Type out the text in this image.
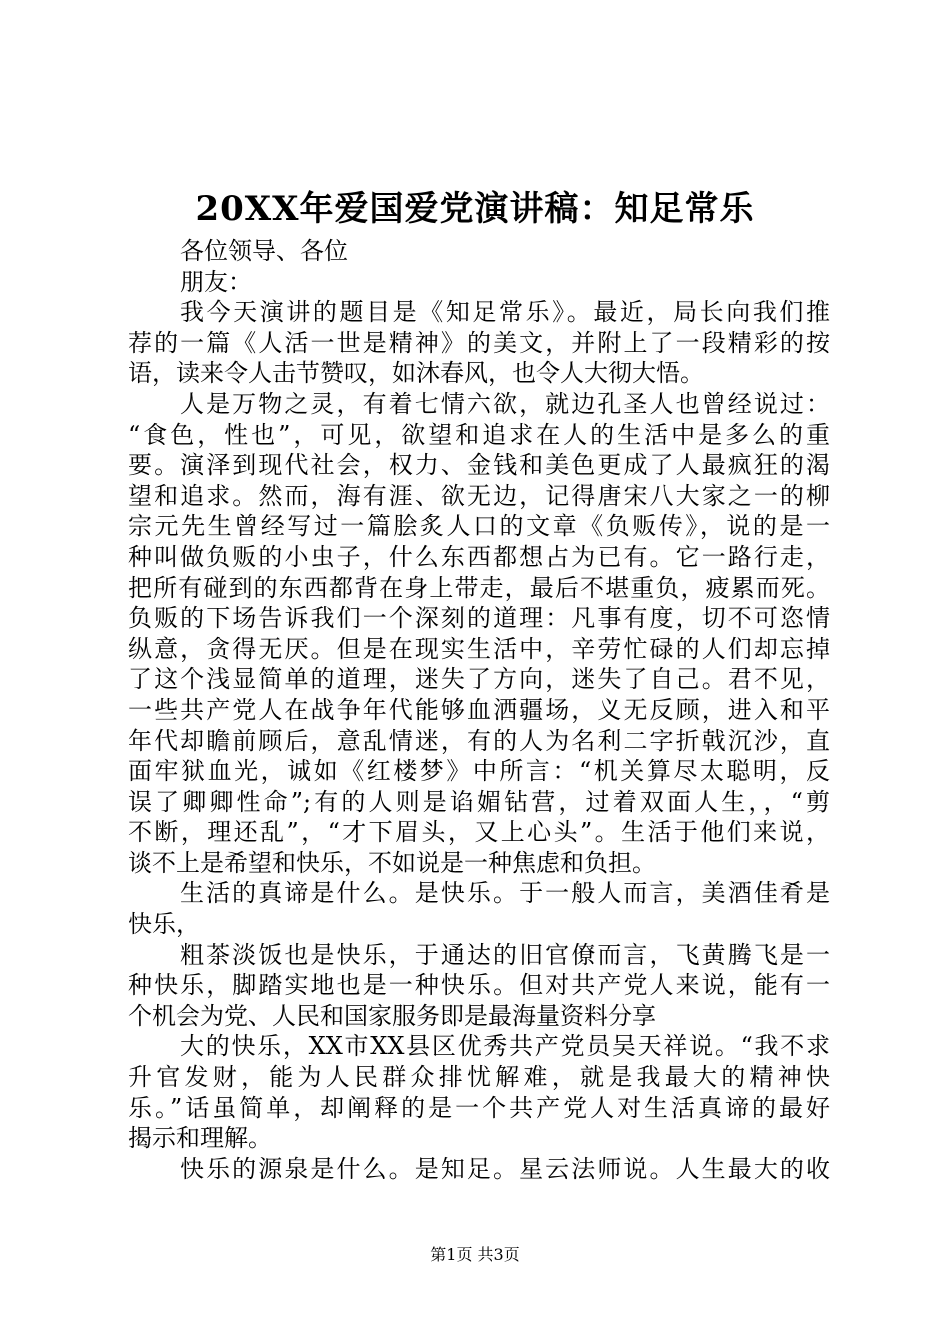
20XX年爱国爱党演讲稿：知足常乐
各位领导、各位
朋友：
我今天演讲的题目是《知足常乐》。最近，局长向我们推
荐的一篇《人活一世是精神》的美文，并附上了一段精彩的按
语，读来令人击节赞叹，如沐春风，也令人大彻大悟。
人是万物之灵，有着七情六欲，就边孔圣人也曾经说过：
“食色，性也”，可见，欲望和追求在人的生活中是多么的重
要。演泽到现代社会，权力、金钱和美色更成了人最疯狂的渴
望和追求。然而，海有涯、欲无边，记得唐宋八大家之一的柳
宗元先生曾经写过一篇脍炙人口的文章《负贩传》，说的是一
种叫做负贩的小虫子，什么东西都想占为已有。它一路行走，
把所有碰到的东西都背在身上带走，最后不堪重负，疲累而死。
负贩的下场告诉我们一个深刻的道理：凡事有度，切不可恣情
纵意，贪得无厌。但是在现实生活中，辛劳忙碌的人们却忘掉
了这个浅显简单的道理，迷失了方向，迷失了自己。君不见，
一些共产党人在战争年代能够血洒疆场，义无反顾，进入和平
年代却瞻前顾后，意乱情迷，有的人为名利二字折戟沉沙，直
面牢狱血光，诚如《红楼梦》中所言：“机关算尽太聪明，反
误了卿卿性命”;有的人则是谄媚钻营，过着双面人生，，“剪
不断，理还乱”，“才下眉头，又上心头”。生活于他们来说，
谈不上是希望和快乐，不如说是一种焦虑和负担。
生活的真谛是什么。是快乐。于一般人而言，美酒佳肴是
快乐，
粗茶淡饭也是快乐，于通达的旧官僚而言，飞黄腾飞是一
种快乐，脚踏实地也是一种快乐。但对共产党人来说，能有一
个机会为党、人民和国家服务即是最海量资料分享
大的快乐，XX市XX县区优秀共产党员吴天祥说。“我不求
升官发财，能为人民群众排忧解难，就是我最大的精神快
乐。”话虽简单，却阐释的是一个共产党人对生活真谛的最好
揭示和理解。
快乐的源泉是什么。是知足。星云法师说。人生最大的收
第1页 共3页
